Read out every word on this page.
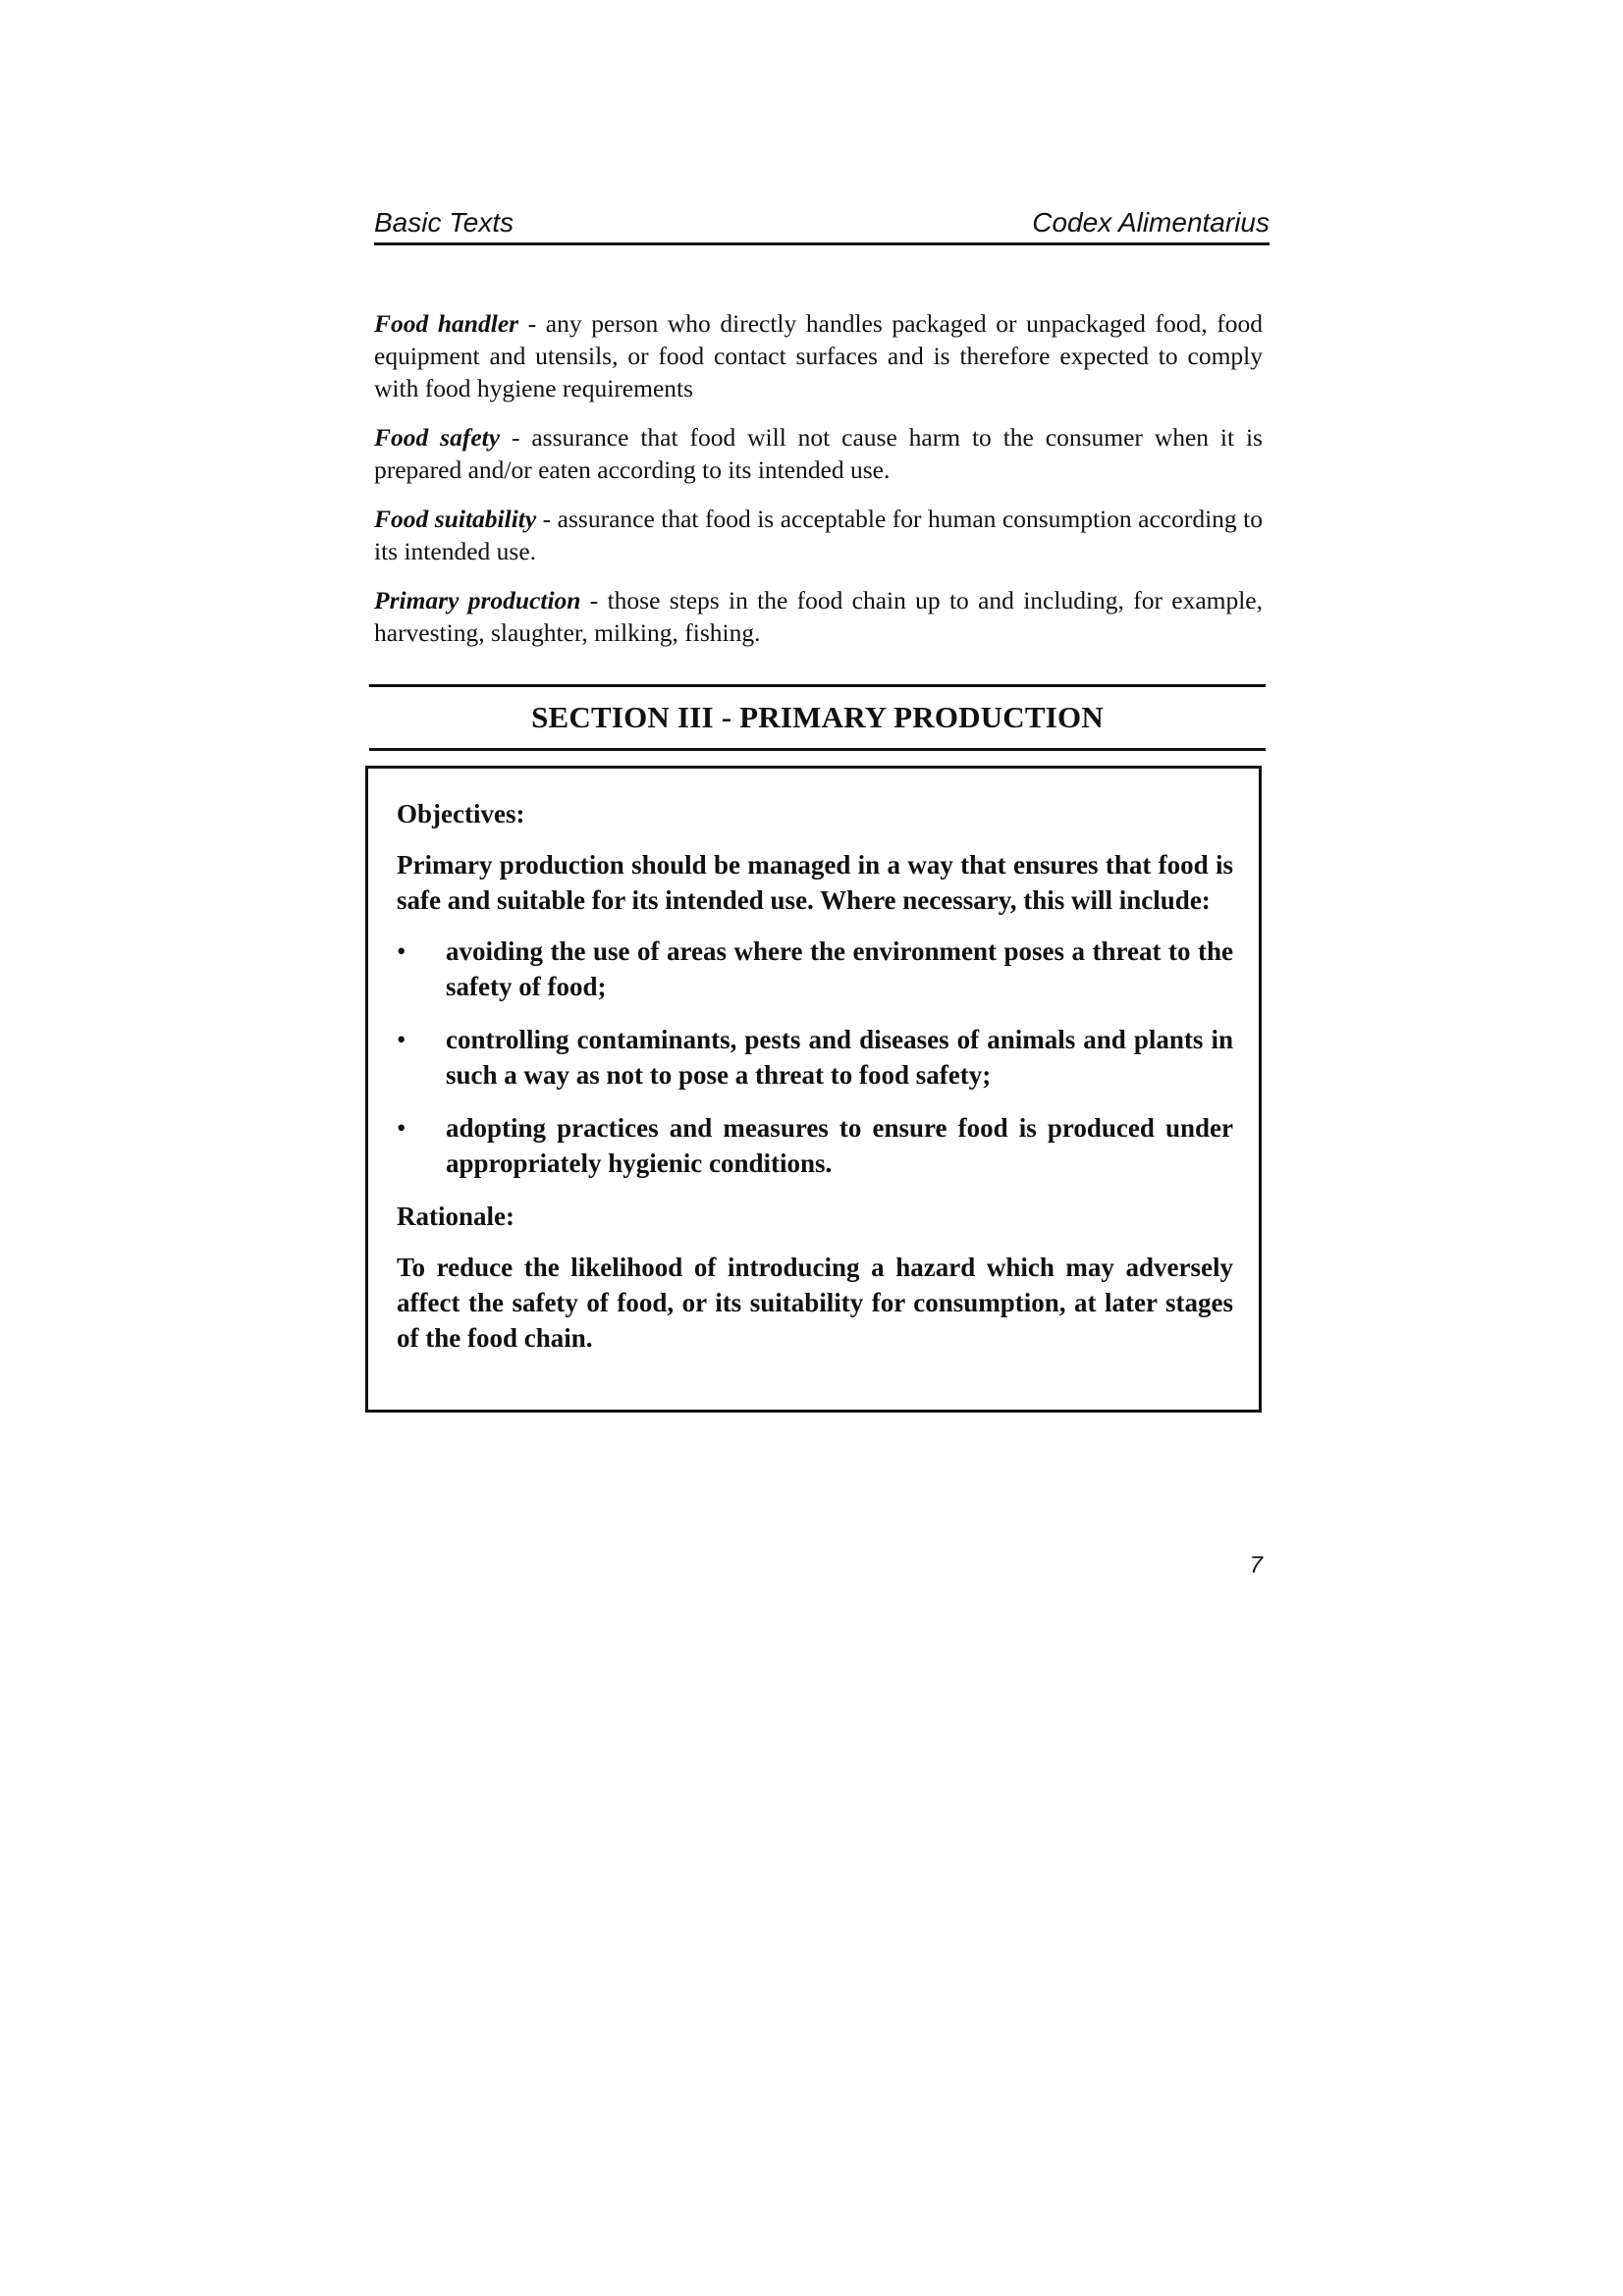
Basic Texts	Codex Alimentarius

Food handler - any person who directly handles packaged or unpackaged food, food equipment and utensils, or food contact surfaces and is therefore expected to comply with food hygiene requirements

Food safety - assurance that food will not cause harm to the consumer when it is prepared and/or eaten according to its intended use.

Food suitability - assurance that food is acceptable for human consumption according to its intended use.

Primary production - those steps in the food chain up to and including, for example, harvesting, slaughter, milking, fishing.

SECTION III - PRIMARY PRODUCTION

Objectives:

Primary production should be managed in a way that ensures that food is safe and suitable for its intended use. Where necessary, this will include:

• avoiding the use of areas where the environment poses a threat to the safety of food;
• controlling contaminants, pests and diseases of animals and plants in such a way as not to pose a threat to food safety;
• adopting practices and measures to ensure food is produced under appropriately hygienic conditions.

Rationale:

To reduce the likelihood of introducing a hazard which may adversely affect the safety of food, or its suitability for consumption, at later stages of the food chain.

7
